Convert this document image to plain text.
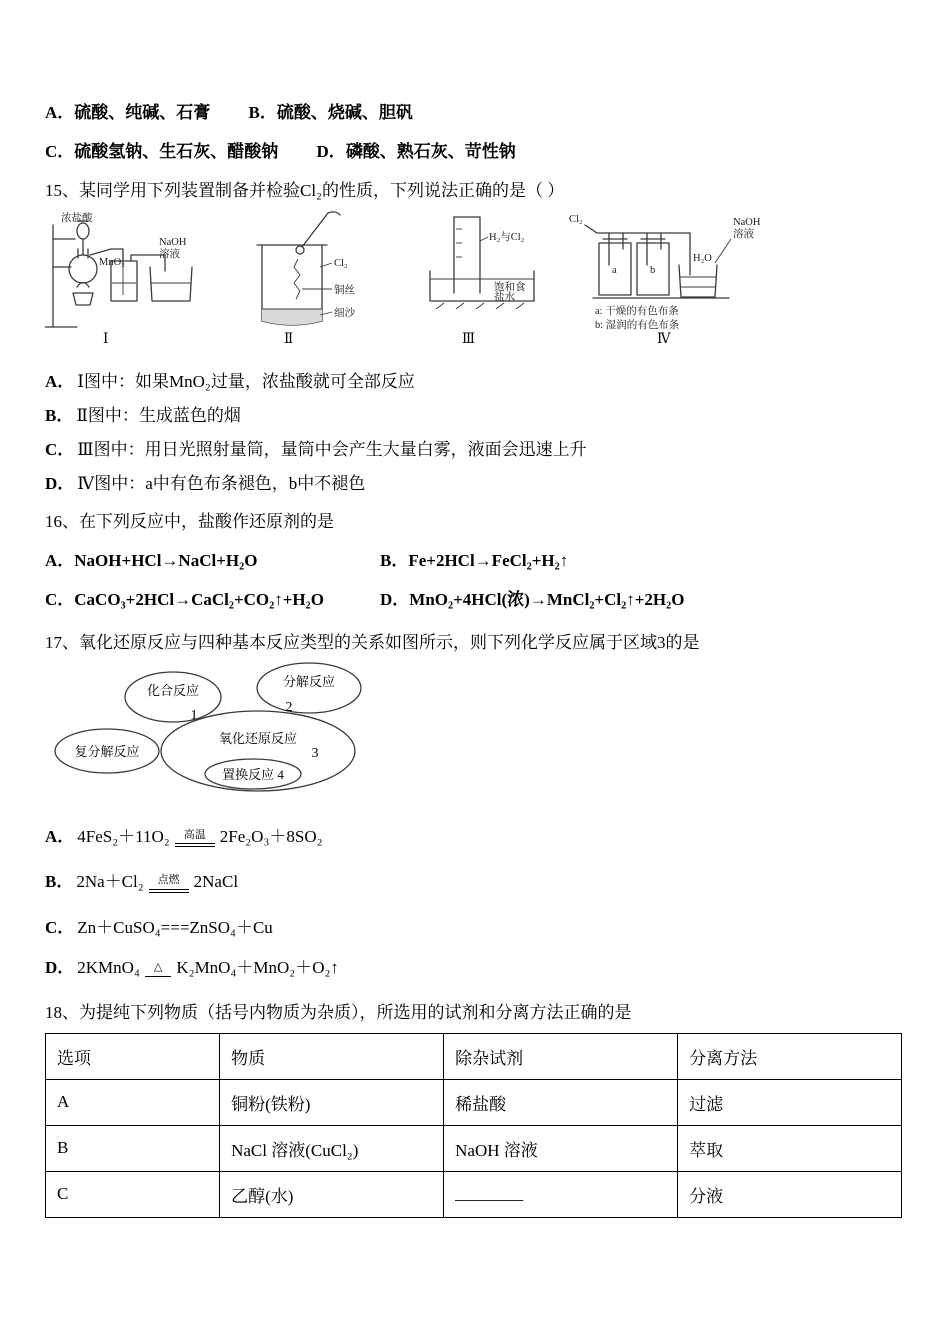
A．硫酸、纯碱、石膏 B．硫酸、烧碱、胆矾
C．硫酸氢钠、生石灰、醋酸钠 D．磷酸、熟石灰、苛性钠

15、某同学用下列装置制备并检验Cl₂的性质，下列说法正确的是（ ）

浓盐酸
MnO₂
NaOH
溶液
Ⅰ
Cl₂
铜丝
细沙
Ⅱ
H₂与Cl₂
饱和食
盐水
Ⅲ
Cl₂
a	b
H₂O
NaOH
溶液
a: 干燥的有色布条
b: 湿润的有色布条
Ⅳ
A． Ⅰ图中：如果MnO₂过量，浓盐酸就可全部反应
B． Ⅱ图中：生成蓝色的烟
C． Ⅲ图中：用日光照射量筒，量筒中会产生大量白雾，液面会迅速上升
D． Ⅳ图中：a中有色布条褪色，b中不褪色

16、在下列反应中，盐酸作还原剂的是

A．NaOH+HCl→NaCl+H₂O	B．Fe+2HCl→FeCl₂+H₂↑
C．CaCO₃+2HCl→CaCl₂+CO₂↑+H₂O	D．MnO₂+4HCl(浓)→MnCl₂+Cl₂↑+2H₂O

17、氧化还原反应与四种基本反应类型的关系如图所示，则下列化学反应属于区域3的是

化合反应
分解反应
复分解反应
氧化还原反应
置换反应 4
1
2
3
A． 4FeS₂＋11O₂	高温 2Fe₂O₃＋8SO₂
B． 2Na＋Cl₂	点燃 2NaCl
C． Zn＋CuSO₄===ZnSO₄＋Cu
D． 2KMnO₄	△ K₂MnO₄＋MnO₂＋O₂↑

18、为提纯下列物质（括号内物质为杂质），所选用的试剂和分离方法正确的是

选项	物质	除杂试剂	分离方法
A	铜粉(铁粉)	稀盐酸	过滤
B	NaCl 溶液(CuCl₂)	NaOH 溶液	萃取
C	乙醇(水)	________	分液
